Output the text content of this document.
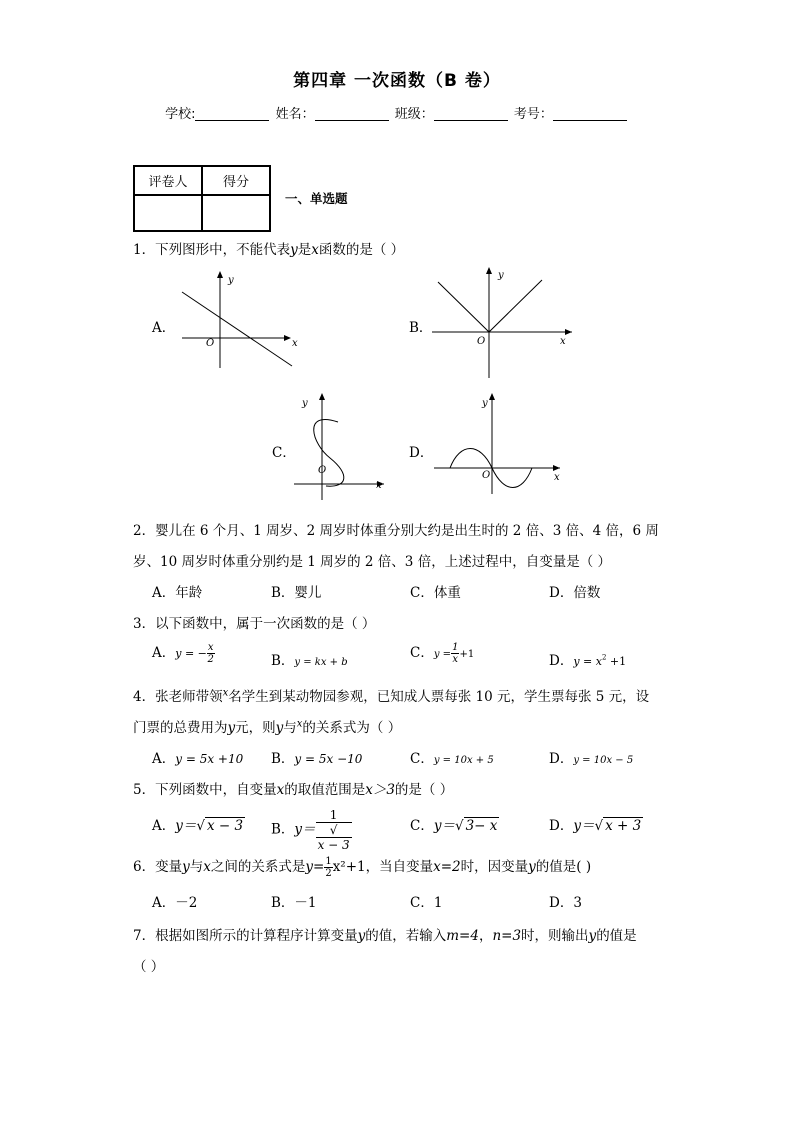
第四章 一次函数（B 卷）
学校:	姓名：	班级：	考号：
评卷人	得分

一、单选题
1．下列图形中，不能代表y是x函数的是（ ）
A．
y
x
O
B．
y
x
O
C．
y
x
O
D．
y
x
O
2．婴儿在 6 个月、1 周岁、2 周岁时体重分别大约是出生时的 2 倍、3 倍、4 倍，6 周
岁、10 周岁时体重分别约是 1 周岁的 2 倍、3 倍，上述过程中，自变量是（ ）
A．年龄	B．婴儿	C．体重	D．倍数
3．以下函数中，属于一次函数的是（ ）
A．y = − $\frac{x}{2}$	B．y = kx + b
C．$y = \frac{1}{x} +1$	D．$y = x^2 +1$
4．张老师带领$^x$名学生到某动物园参观，已知成人票每张 10 元，学生票每张 5 元，设
门票的总费用为y元，则y与$^x$的关系式为（ ）
A．y = 5x +10 B．y = 5x −10	C．y = 10x + 5	D．y = 10x − 5
5．下列函数中，自变量x的取值范围是x＞3的是（ ）
A．y＝√ x − 3 B．y＝ 1
√
x − 3	C．y＝√ 3− x	D．y＝√ x + 3
6．变量y与x之间的关系式是$y= \frac{1}{2} x^2+1$，当自变量x=2时，因变量y的值是( )
A．－2	B．－1	C．1	D．3
7．根据如图所示的计算程序计算变量y的值，若输入m=4，n=3时，则输出y的值是
（ ）
